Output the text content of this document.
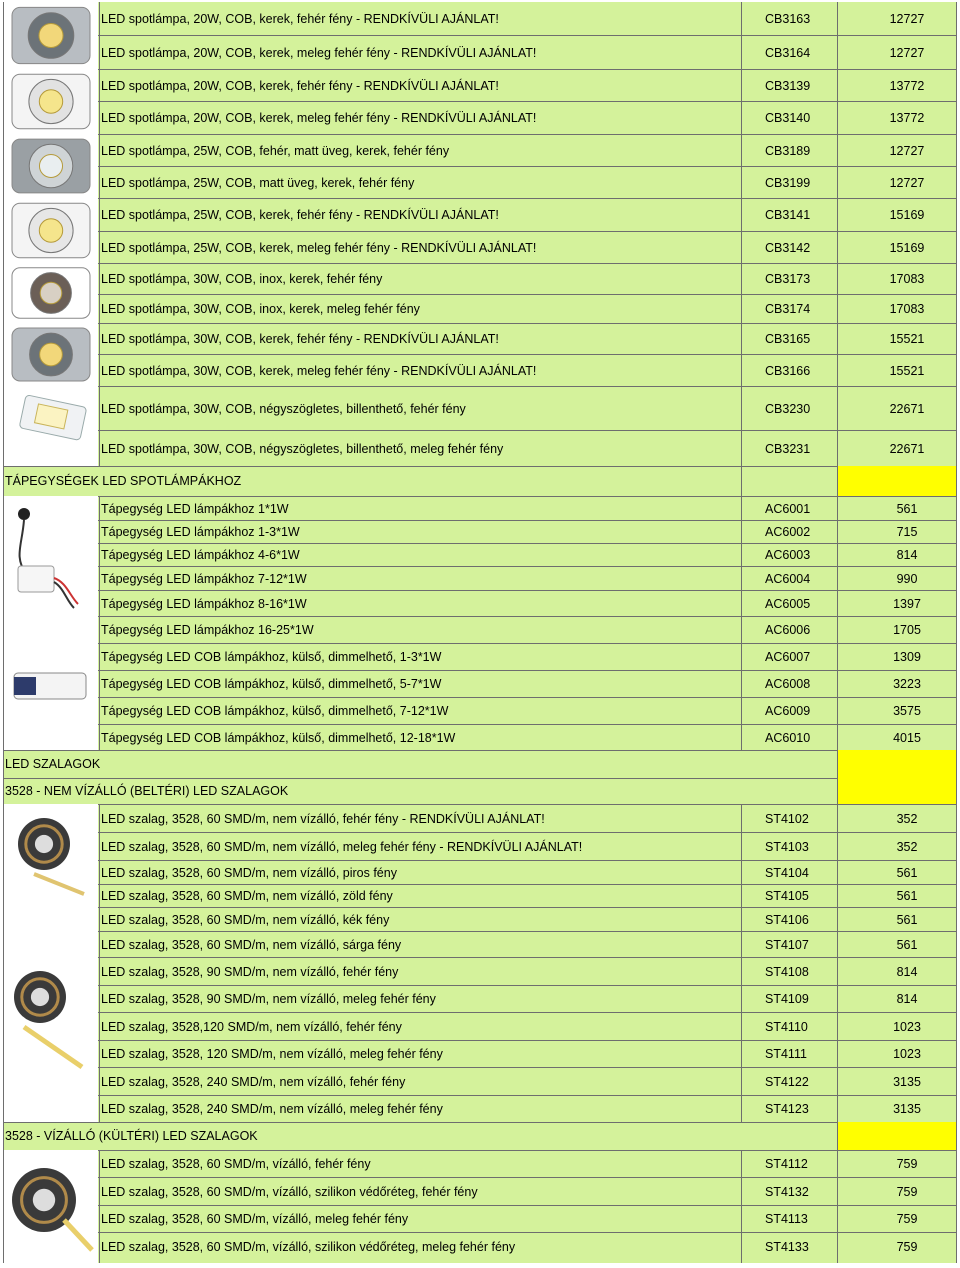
LED spotlámpa, 20W, COB, kerek, fehér fény - RENDKÍVÜLI AJÁNLAT!	CB3163	12727
LED spotlámpa, 20W, COB, kerek, meleg fehér fény - RENDKÍVÜLI AJÁNLAT!	CB3164	12727
LED spotlámpa, 20W, COB, kerek, fehér fény - RENDKÍVÜLI AJÁNLAT!	CB3139	13772
LED spotlámpa, 20W, COB, kerek, meleg fehér fény - RENDKÍVÜLI AJÁNLAT!	CB3140	13772
LED spotlámpa, 25W, COB, fehér, matt üveg, kerek, fehér fény	CB3189	12727
LED spotlámpa, 25W, COB, matt üveg, kerek, fehér fény	CB3199	12727
LED spotlámpa, 25W, COB, kerek, fehér fény - RENDKÍVÜLI AJÁNLAT!	CB3141	15169
LED spotlámpa, 25W, COB, kerek, meleg fehér fény - RENDKÍVÜLI AJÁNLAT!	CB3142	15169
LED spotlámpa, 30W, COB, inox, kerek, fehér fény	CB3173	17083
LED spotlámpa, 30W, COB, inox, kerek, meleg fehér fény	CB3174	17083
LED spotlámpa, 30W, COB, kerek, fehér fény - RENDKÍVÜLI AJÁNLAT!	CB3165	15521
LED spotlámpa, 30W, COB, kerek, meleg fehér fény - RENDKÍVÜLI AJÁNLAT!	CB3166	15521
LED spotlámpa, 30W, COB, négyszögletes, billenthető, fehér fény	CB3230	22671
LED spotlámpa, 30W, COB, négyszögletes, billenthető, meleg fehér fény	CB3231	22671
TÁPEGYSÉGEK LED SPOTLÁMPÁKHOZ
Tápegység LED lámpákhoz 1*1W	AC6001	561
Tápegység LED lámpákhoz 1-3*1W	AC6002	715
Tápegység LED lámpákhoz 4-6*1W	AC6003	814
Tápegység LED lámpákhoz 7-12*1W	AC6004	990
Tápegység LED lámpákhoz 8-16*1W	AC6005	1397
Tápegység LED lámpákhoz 16-25*1W	AC6006	1705
Tápegység LED COB lámpákhoz, külső, dimmelhető, 1-3*1W	AC6007	1309
Tápegység LED COB lámpákhoz, külső, dimmelhető, 5-7*1W	AC6008	3223
Tápegység LED COB lámpákhoz, külső, dimmelhető, 7-12*1W	AC6009	3575
Tápegység LED COB lámpákhoz, külső, dimmelhető, 12-18*1W	AC6010	4015
LED SZALAGOK
3528 - NEM VÍZÁLLÓ (BELTÉRI) LED SZALAGOK
LED szalag, 3528, 60 SMD/m, nem vízálló, fehér fény - RENDKÍVÜLI AJÁNLAT!	ST4102	352
LED szalag, 3528, 60 SMD/m, nem vízálló, meleg fehér fény - RENDKÍVÜLI AJÁNLAT!	ST4103	352
LED szalag, 3528, 60 SMD/m, nem vízálló, piros fény	ST4104	561
LED szalag, 3528, 60 SMD/m, nem vízálló, zöld fény	ST4105	561
LED szalag, 3528, 60 SMD/m, nem vízálló, kék fény	ST4106	561
LED szalag, 3528, 60 SMD/m, nem vízálló, sárga fény	ST4107	561
LED szalag, 3528, 90 SMD/m, nem vízálló, fehér fény	ST4108	814
LED szalag, 3528, 90 SMD/m, nem vízálló, meleg fehér fény	ST4109	814
LED szalag, 3528,120 SMD/m, nem vízálló, fehér fény	ST4110	1023
LED szalag, 3528, 120 SMD/m, nem vízálló, meleg fehér fény	ST4111	1023
LED szalag, 3528, 240 SMD/m, nem vízálló, fehér fény	ST4122	3135
LED szalag, 3528, 240 SMD/m, nem vízálló, meleg fehér fény	ST4123	3135
3528 - VÍZÁLLÓ (KÜLTÉRI) LED SZALAGOK
LED szalag, 3528, 60 SMD/m, vízálló, fehér fény	ST4112	759
LED szalag, 3528, 60 SMD/m, vízálló, szilikon védőréteg, fehér fény	ST4132	759
LED szalag, 3528, 60 SMD/m, vízálló, meleg fehér fény	ST4113	759
LED szalag, 3528, 60 SMD/m, vízálló, szilikon védőréteg, meleg fehér fény	ST4133	759
